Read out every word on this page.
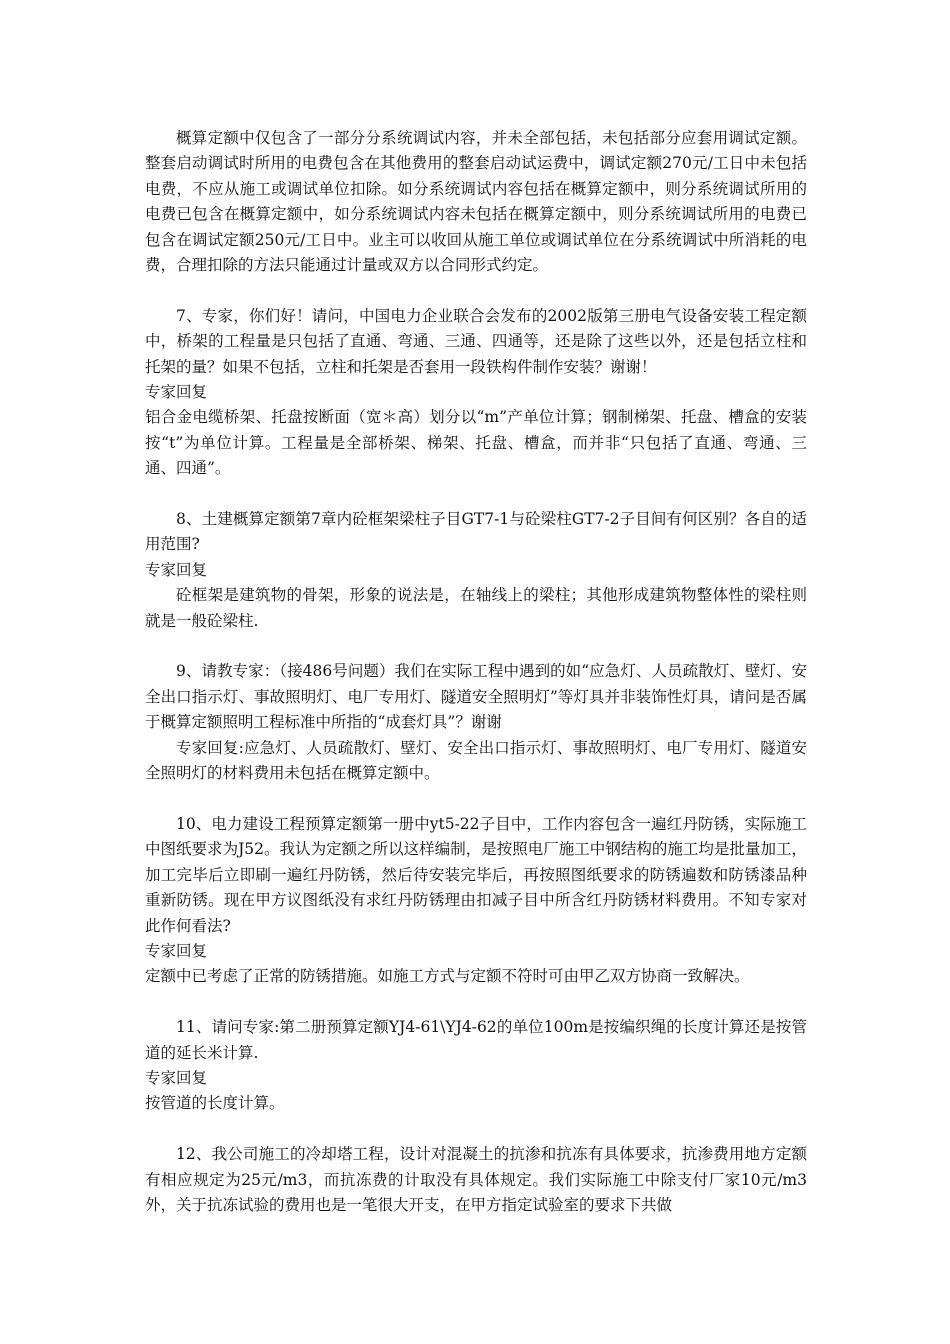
概算定额中仅包含了一部分分系统调试内容，并未全部包括，未包括部分应套用调试定额。整套启动调试时所用的电费包含在其他费用的整套启动试运费中，调试定额270元/工日中未包括电费，不应从施工或调试单位扣除。如分系统调试内容包括在概算定额中，则分系统调试所用的电费已包含在概算定额中，如分系统调试内容未包括在概算定额中，则分系统调试所用的电费已包含在调试定额250元/工日中。业主可以收回从施工单位或调试单位在分系统调试中所消耗的电费，合理扣除的方法只能通过计量或双方以合同形式约定。

7、专家，你们好！请问，中国电力企业联合会发布的2002版第三册电气设备安装工程定额中，桥架的工程量是只包括了直通、弯通、三通、四通等，还是除了这些以外，还是包括立柱和托架的量？如果不包括，立柱和托架是否套用一段铁构件制作安装？谢谢！

专家回复

铝合金电缆桥架、托盘按断面（宽＊高）划分以“m”产单位计算；钢制梯架、托盘、槽盒的安装按“t”为单位计算。工程量是全部桥架、梯架、托盘、槽盒，而并非“只包括了直通、弯通、三通、四通”。

8、土建概算定额第7章内砼框架梁柱子目GT7-1与砼梁柱GT7-2子目间有何区别？各自的适用范围?

专家回复

砼框架是建筑物的骨架，形象的说法是，在轴线上的梁柱；其他形成建筑物整体性的梁柱则就是一般砼梁柱.

9、请教专家：（接486号问题）我们在实际工程中遇到的如“应急灯、人员疏散灯、壁灯、安全出口指示灯、事故照明灯、电厂专用灯、隧道安全照明灯”等灯具并非装饰性灯具，请问是否属于概算定额照明工程标准中所指的“成套灯具”？谢谢

专家回复:应急灯、人员疏散灯、壁灯、安全出口指示灯、事故照明灯、电厂专用灯、隧道安全照明灯的材料费用未包括在概算定额中。

10、电力建设工程预算定额第一册中yt5-22子目中，工作内容包含一遍红丹防锈，实际施工中图纸要求为J52。我认为定额之所以这样编制，是按照电厂施工中钢结构的施工均是批量加工，加工完毕后立即刷一遍红丹防锈，然后待安装完毕后，再按照图纸要求的防锈遍数和防锈漆品种重新防锈。现在甲方议图纸没有求红丹防锈理由扣减子目中所含红丹防锈材料费用。不知专家对此作何看法?

专家回复

定额中已考虑了正常的防锈措施。如施工方式与定额不符时可由甲乙双方协商一致解决。

11、请问专家:第二册预算定额YJ4-61\YJ4-62的单位100m是按编织绳的长度计算还是按管道的延长米计算.

专家回复

按管道的长度计算。

12、我公司施工的冷却塔工程，设计对混凝土的抗渗和抗冻有具体要求，抗渗费用地方定额有相应规定为25元/m3，而抗冻费的计取没有具体规定。我们实际施工中除支付厂家10元/m3外，关于抗冻试验的费用也是一笔很大开支，在甲方指定试验室的要求下共做
